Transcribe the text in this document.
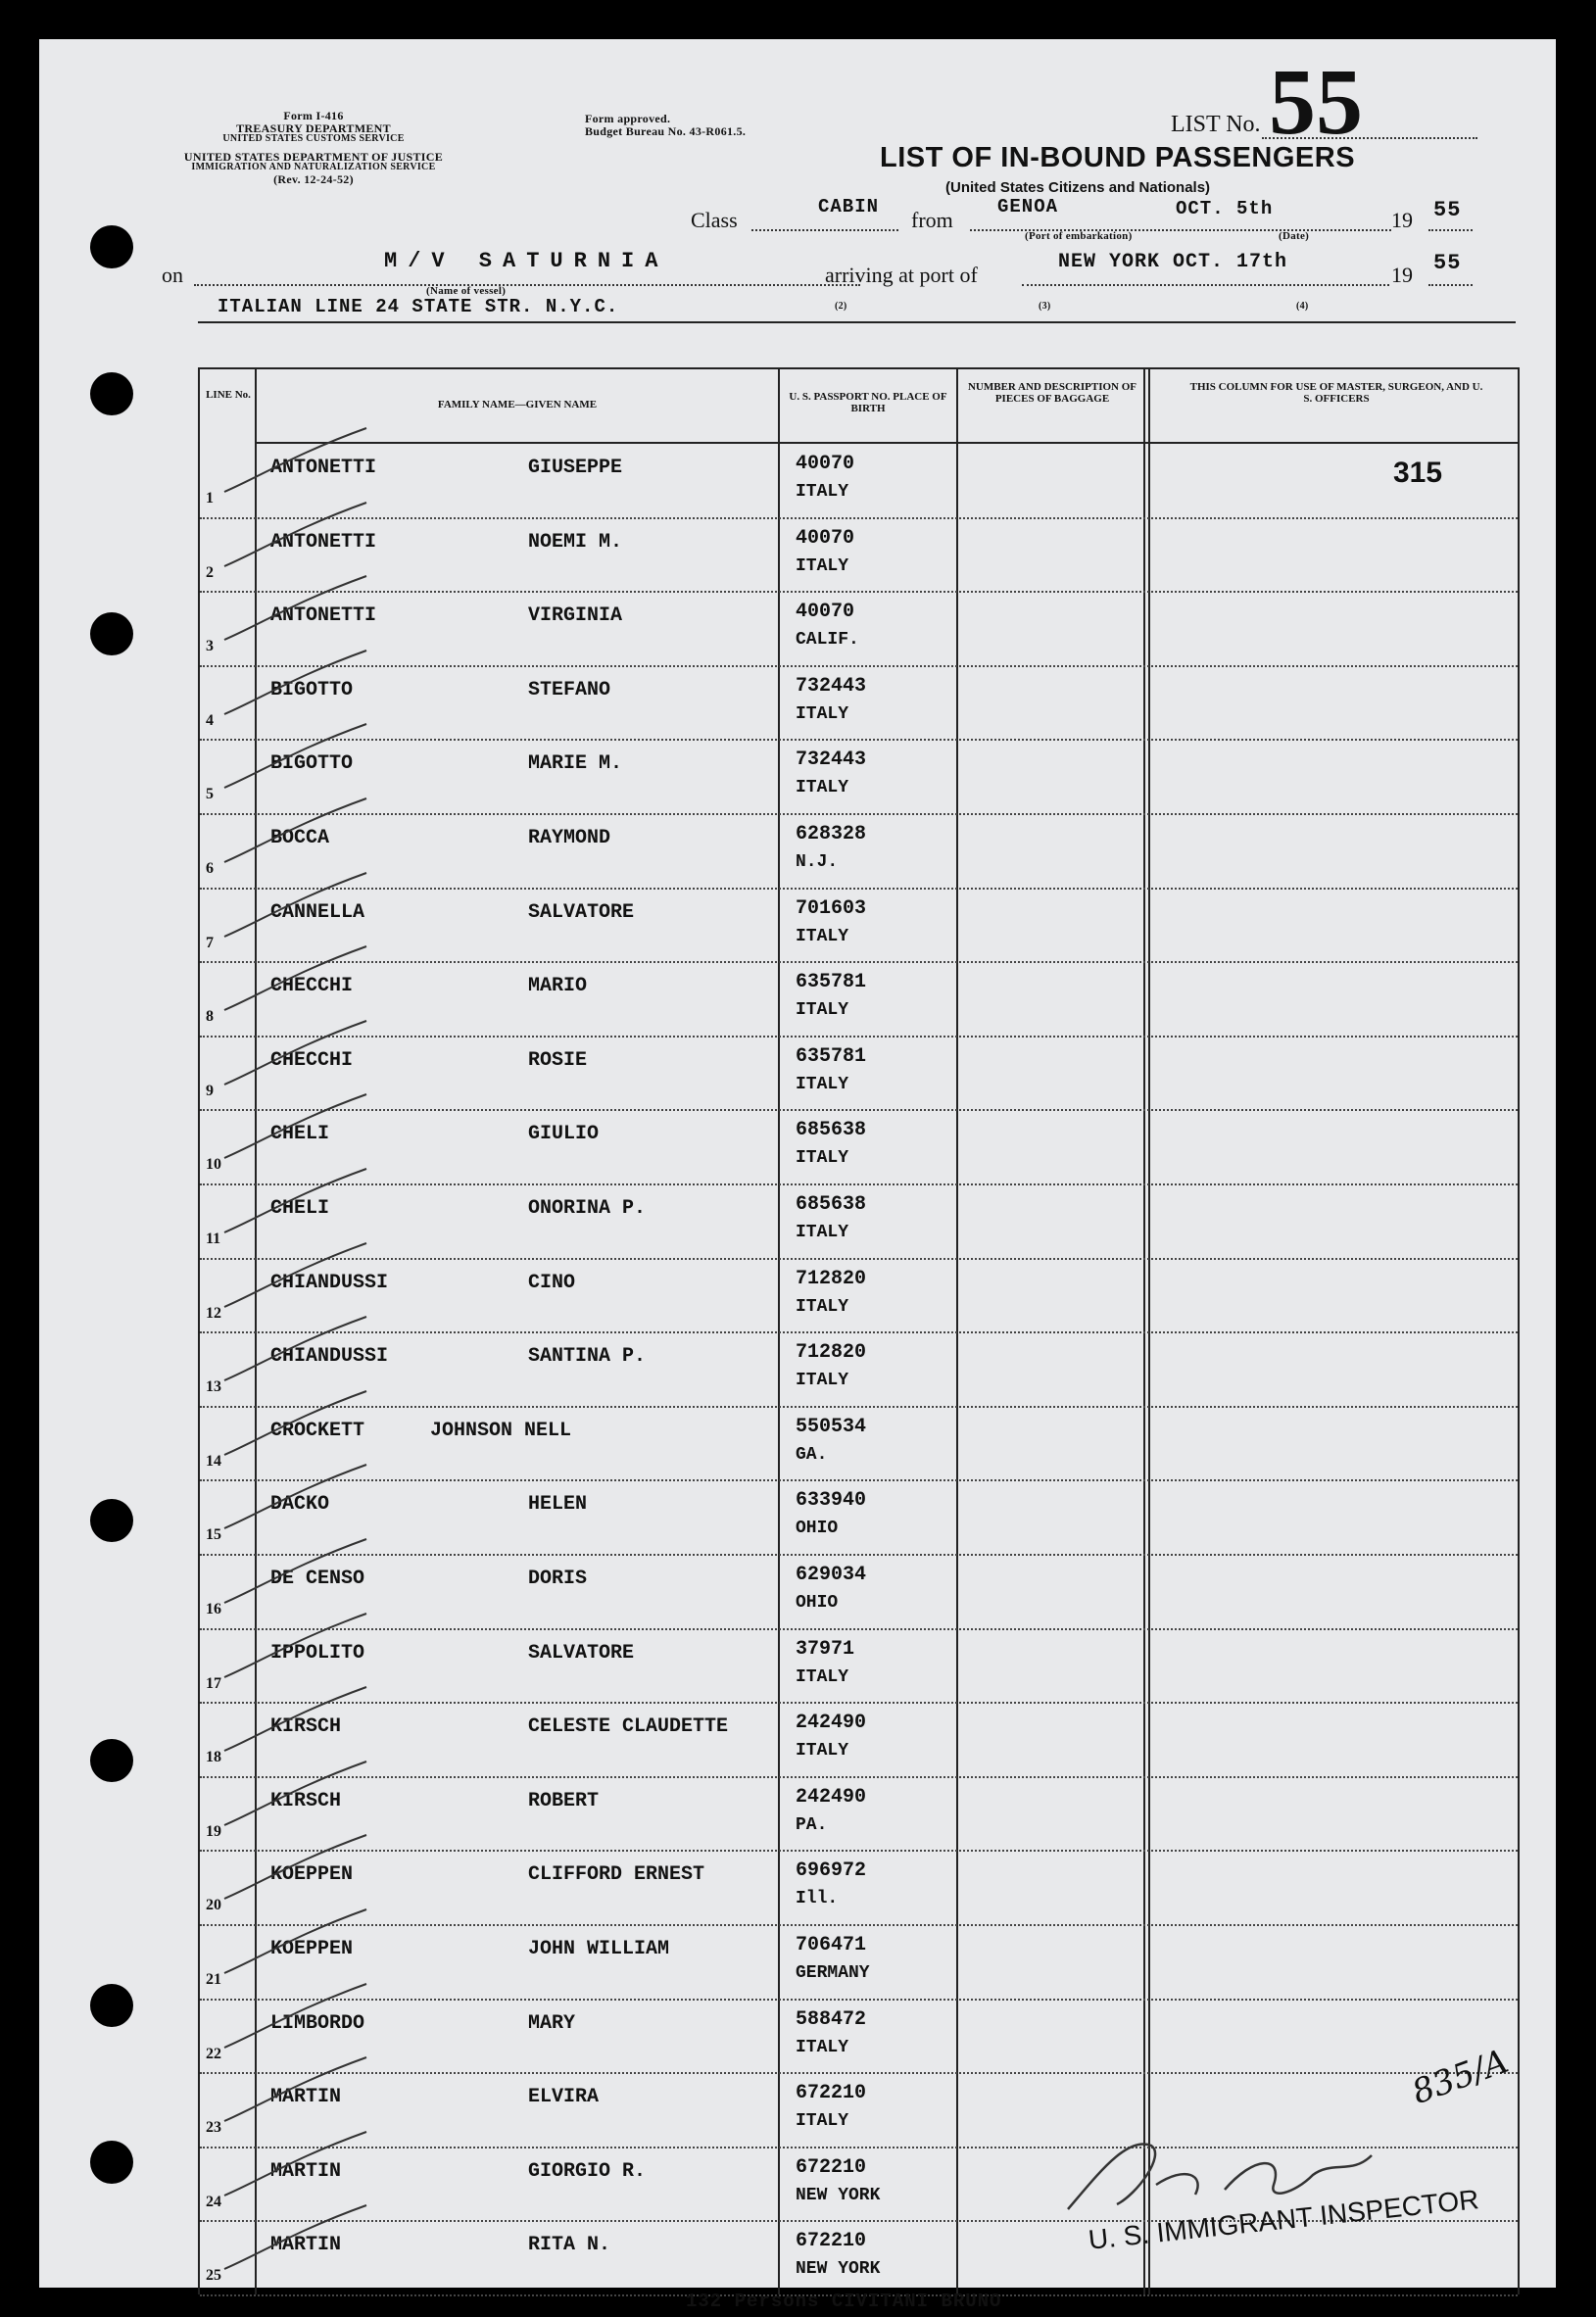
Form I-416
TREASURY DEPARTMENT
UNITED STATES CUSTOMS SERVICE
UNITED STATES DEPARTMENT OF JUSTICE
IMMIGRATION AND NATURALIZATION SERVICE
(Rev. 12-24-52)
Form approved.
Budget Bureau No. 43-R061.5.	LIST No. 55
LIST OF IN-BOUND PASSENGERS
(United States Citizens and Nationals)
Class
CABIN
from
GENOA	OCT. 5th
(Port of embarkation)	(Date)
19 55
on
M/V SATURNIA
(Name of vessel)
arriving at port of
NEW YORK OCT. 17th
19 55
ITALIAN LINE 24 STATE STR. N.Y.C.	(2)	(3)	(4)
LINE No.
FAMILY NAME—GIVEN NAME
U. S. PASSPORT NO. PLACE OF BIRTH
NUMBER AND DESCRIPTION OF PIECES OF BAGGAGE
THIS COLUMN FOR USE OF MASTER, SURGEON, AND U. S. OFFICERS
1
ANTONETTI	GIUSEPPE	40070
ITALY
315
2
ANTONETTI	NOEMI M.	40070
ITALY
3
ANTONETTI	VIRGINIA	40070
CALIF.
4
BIGOTTO	STEFANO	732443
ITALY
5
BIGOTTO	MARIE M.	732443
ITALY
6
BOCCA	RAYMOND	628328
N.J.
7
CANNELLA	SALVATORE	701603
ITALY
8
CHECCHI	MARIO	635781
ITALY
9
CHECCHI	ROSIE	635781
ITALY
10
CHELI	GIULIO	685638
ITALY
11
CHELI	ONORINA P.	685638
ITALY
12
CHIANDUSSI	CINO	712820
ITALY
13
CHIANDUSSI	SANTINA P.	712820
ITALY
14
CROCKETT	JOHNSON NELL	550534
GA.
15
DACKO	HELEN	633940
OHIO
16
DE CENSO	DORIS	629034
OHIO
17
IPPOLITO	SALVATORE	37971
ITALY
18
KIRSCH	CELESTE CLAUDETTE	242490
ITALY
19
KIRSCH	ROBERT	242490
PA.
20
KOEPPEN	CLIFFORD ERNEST	696972
Ill.
21
KOEPPEN	JOHN WILLIAM	706471
GERMANY
22
LIMBORDO	MARY	588472
ITALY
23
MARTIN	ELVIRA	672210
ITALY
24
MARTIN	GIORGIO R.	672210
NEW YORK
25
MARTIN	RITA N.	672210
NEW YORK
835/A
U. S. IMMIGRANT INSPECTOR
132 Persons CIVITANI BRUNO
